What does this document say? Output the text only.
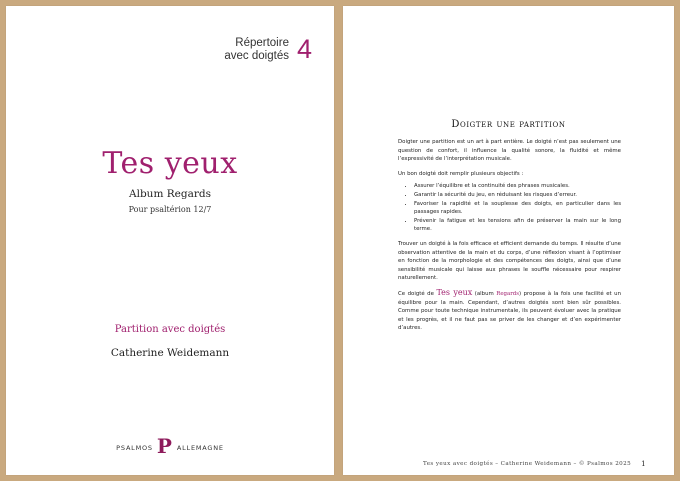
Répertoire
avec doigtés 4
Tes yeux
Album Regards
Pour psaltérion 12/7
Partition avec doigtés
Catherine Weidemann
PSALMOS P ALLEMAGNE
Doigter une partition

Doigter une partition est un art à part entière. Le doigté n’est pas seulement une question de confort, il influence la qualité sonore, la fluidité et même l’expressivité de l’interprétation musicale.

Un bon doigté doit remplir plusieurs objectifs :

• Assurer l’équilibre et la continuité des phrases musicales.
• Garantir la sécurité du jeu, en réduisant les risques d’erreur.
• Favoriser la rapidité et la souplesse des doigts, en particulier dans les passages rapides.
• Prévenir la fatigue et les tensions afin de préserver la main sur le long terme.

Trouver un doigté à la fois efficace et efficient demande du temps. Il résulte d’une observation attentive de la main et du corps, d’une réflexion visant à l’optimiser en fonction de la morphologie et des compétences des doigts, ainsi que d’une sensibilité musicale qui laisse aux phrases le souffle nécessaire pour respirer naturellement.

Ce doigté de Tes yeux (album Regards) propose à la fois une facilité et un équilibre pour la main. Cependant, d’autres doigtés sont bien sûr possibles. Comme pour toute technique instrumentale, ils peuvent évoluer avec la pratique et les progrès, et il ne faut pas se priver de les changer et d’en expérimenter d’autres.

Tes yeux avec doigtés – Catherine Weidemann – © Psalmos 2025 1
